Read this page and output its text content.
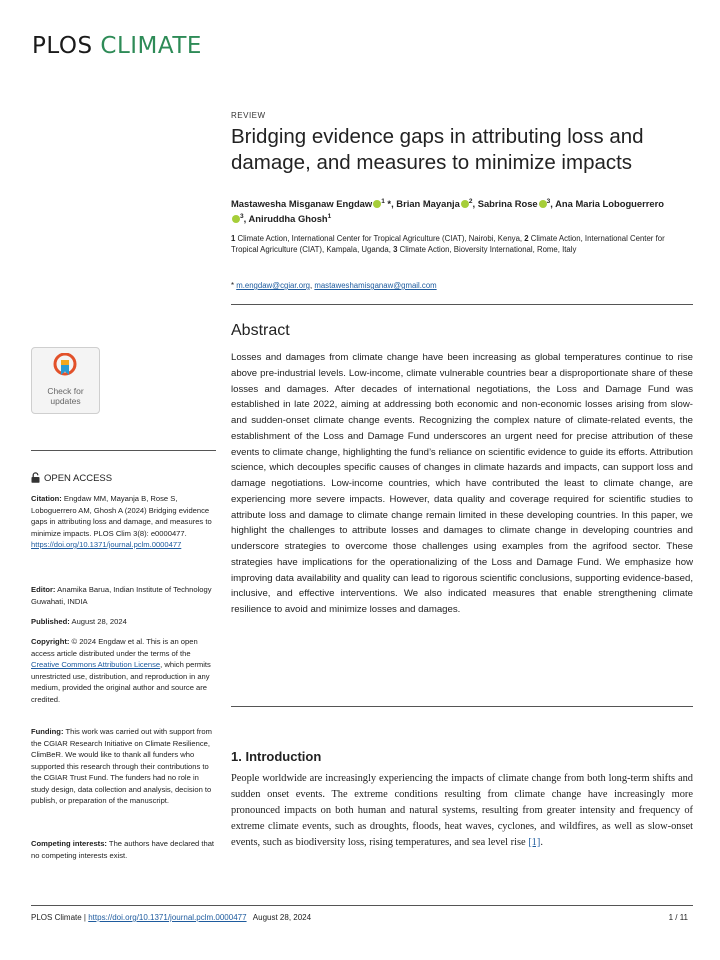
PLOS CLIMATE
REVIEW
Bridging evidence gaps in attributing loss and damage, and measures to minimize impacts
Mastawesha Misganaw Engdaw $^1$ *, Brian Mayanja $^2$, Sabrina Rose $^3$, Ana Maria Loboguerrero$^3$, Aniruddha Ghosh$^1$
1 Climate Action, International Center for Tropical Agriculture (CIAT), Nairobi, Kenya, 2 Climate Action, International Center for Tropical Agriculture (CIAT), Kampala, Uganda, 3 Climate Action, Bioversity International, Rome, Italy
* m.engdaw@cgiar.org, mastaweshamisganaw@gmail.com
Abstract

Losses and damages from climate change have been increasing as global temperatures continue to rise above pre-industrial levels. Low-income, climate vulnerable countries bear a disproportionate share of these losses and damages. After decades of international negotiations, the Loss and Damage Fund was established in late 2022, aiming at addressing both economic and non-economic losses arising from slow- and sudden-onset climate change events. Recognizing the complex nature of climate-related events, the establishment of the Loss and Damage Fund underscores an urgent need for precise attribution of these events to climate change, highlighting the fund’s reliance on scientific evidence to guide its efforts. Attribution science, which decouples specific causes of changes in climate hazards and impacts, can support loss and damage negotiations. Low-income countries, which have contributed the least to climate change, are experiencing more severe impacts. However, data quality and coverage required for scientific studies to attribute loss and damage to climate change remain limited in these developing countries. In this paper, we highlight the challenges to attribute losses and damages to climate change in developing countries and underscore strategies to overcome those challenges using examples from the agrifood sector. These strategies have implications for the operationalizing of the Loss and Damage Fund. We emphasize how improving data availability and quality can lead to rigorous scientific conclusions, supporting evidence-based, inclusive, and effective interventions. We also indicated measures that enable strengthening climate resilience to avoid and minimize losses and damages.

Check for
updates
OPEN ACCESS

Citation: Engdaw MM, Mayanja B, Rose S, Loboguerrero AM, Ghosh A (2024) Bridging evidence gaps in attributing loss and damage, and measures to minimize impacts. PLOS Clim 3(8): e0000477. https://doi.org/10.1371/journal.pclm.0000477

Editor: Anamika Barua, Indian Institute of Technology Guwahati, INDIA

Published: August 28, 2024

Copyright: © 2024 Engdaw et al. This is an open access article distributed under the terms of the Creative Commons Attribution License, which permits unrestricted use, distribution, and reproduction in any medium, provided the original author and source are credited.

Funding: This work was carried out with support from the CGIAR Research Initiative on Climate Resilience, ClimBeR. We would like to thank all funders who supported this research through their contributions to the CGIAR Trust Fund. The funders had no role in study design, data collection and analysis, decision to publish, or preparation of the manuscript.

Competing interests: The authors have declared that no competing interests exist.

1. Introduction

People worldwide are increasingly experiencing the impacts of climate change from both long-term shifts and sudden onset events. The extreme conditions resulting from climate change have increasingly more pronounced impacts on both human and natural systems, resulting from greater intensity and frequency of extreme climate events, such as droughts, floods, heat waves, cyclones, and wildfires, as well as slow-onset events, such as biodiversity loss, rising temperatures, and sea level rise [1].

PLOS Climate | https://doi.org/10.1371/journal.pclm.0000477   August 28, 2024	1 / 11
